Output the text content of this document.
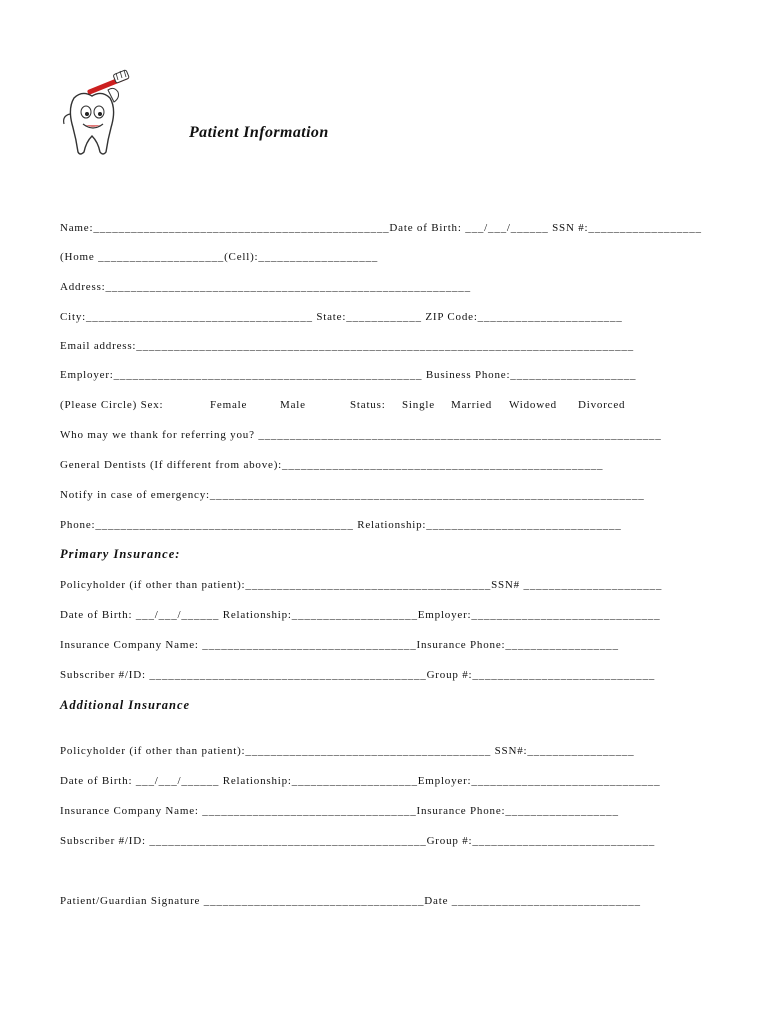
Patient Information
Name:_______________________________________________Date of Birth: ___/___/______ SSN #:__________________
(Home ____________________(Cell):___________________
Address:__________________________________________________________
City:____________________________________ State:____________ ZIP Code:_______________________
Email address:_______________________________________________________________________________
Employer:_________________________________________________ Business Phone:____________________

(Please Circle) Sex:

	Female

	Male

	Status:

Single

Married

Widowed

Divorced

Who may we thank for referring you? ________________________________________________________________
General Dentists (If different from above):___________________________________________________
Notify in case of emergency:_____________________________________________________________________
Phone:_________________________________________ Relationship:_______________________________
Primary Insurance:
Policyholder (if other than patient):_______________________________________SSN# ______________________
Date of Birth: ___/___/______ Relationship:____________________Employer:______________________________
Insurance Company Name: __________________________________Insurance Phone:__________________
Subscriber #/ID: ____________________________________________Group #:_____________________________
Additional Insurance
Policyholder (if other than patient):_______________________________________ SSN#:_________________
Date of Birth: ___/___/______ Relationship:____________________Employer:______________________________
Insurance Company Name: __________________________________Insurance Phone:__________________
Subscriber #/ID: ____________________________________________Group #:_____________________________
Patient/Guardian Signature ___________________________________Date ______________________________
